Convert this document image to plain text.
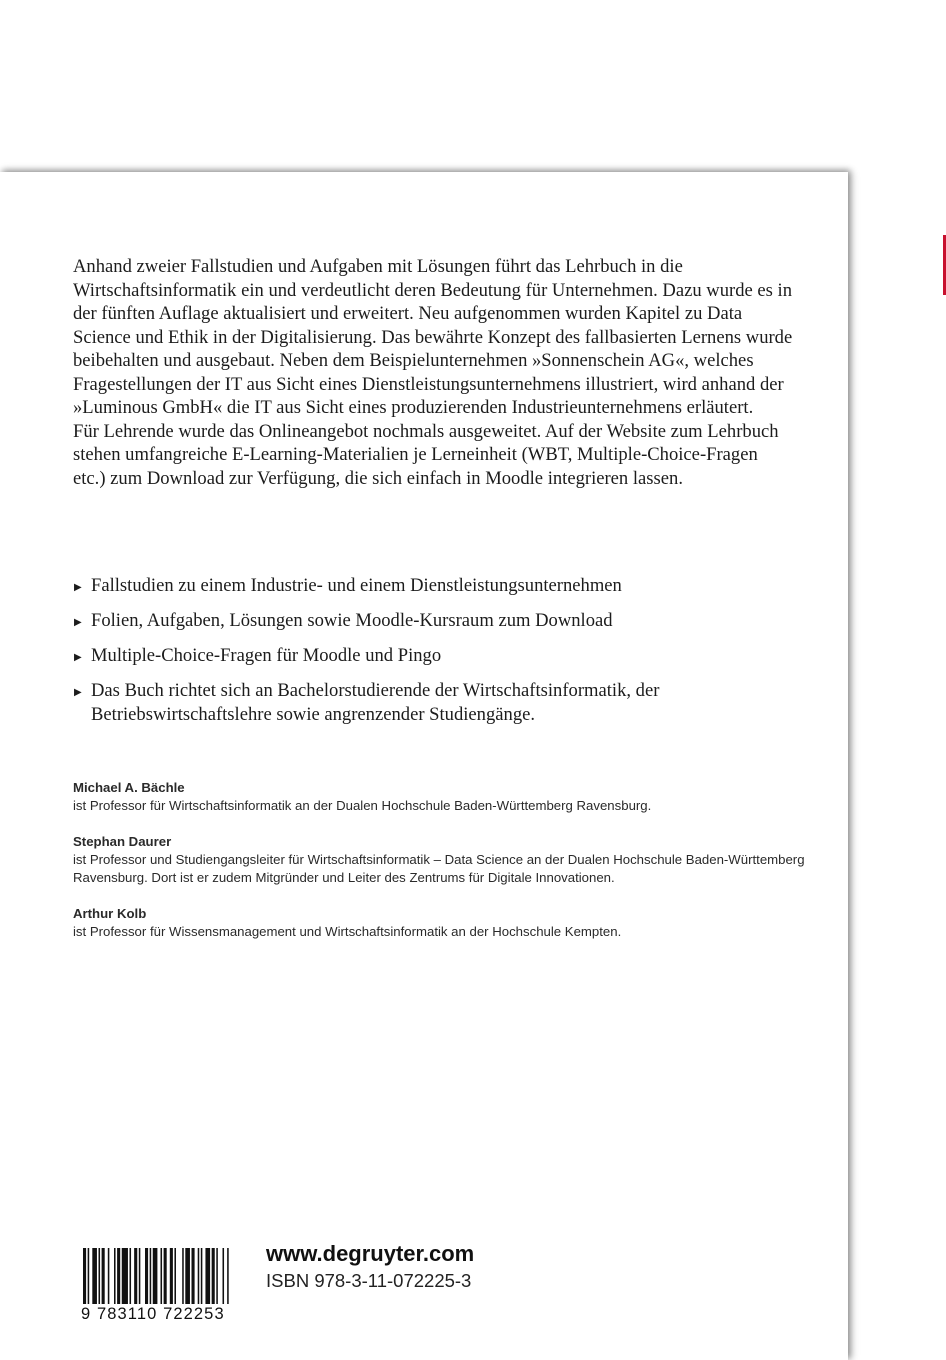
Anhand zweier Fallstudien und Aufgaben mit Lösungen führt das Lehrbuch in die Wirtschaftsinformatik ein und verdeutlicht deren Bedeutung für Unternehmen. Dazu wurde es in der fünften Auflage aktualisiert und erweitert. Neu aufgenommen wurden Kapitel zu Data Science und Ethik in der Digitalisierung. Das bewährte Konzept des fallbasierten Lernens wurde beibehalten und ausgebaut. Neben dem Beispielunternehmen »Sonnenschein AG«, welches Fragestellungen der IT aus Sicht eines Dienstleistungsunternehmens illustriert, wird anhand der »Luminous GmbH« die IT aus Sicht eines produzierenden Industrieunternehmens erläutert.

Für Lehrende wurde das Onlineangebot nochmals ausgeweitet. Auf der Website zum Lehrbuch stehen umfangreiche E-Learning-Materialien je Lerneinheit (WBT, Multiple-Choice-Fragen etc.) zum Download zur Verfügung, die sich einfach in Moodle integrieren lassen.

▶ Fallstudien zu einem Industrie- und einem Dienstleistungsunternehmen
▶ Folien, Aufgaben, Lösungen sowie Moodle-Kursraum zum Download
▶ Multiple-Choice-Fragen für Moodle und Pingo
▶ Das Buch richtet sich an Bachelorstudierende der Wirtschaftsinformatik, der Betriebswirtschaftslehre sowie angrenzender Studiengänge.
Michael A. Bächle
ist Professor für Wirtschaftsinformatik an der Dualen Hochschule Baden-Württemberg Ravensburg.
Stephan Daurer
ist Professor und Studiengangsleiter für Wirtschaftsinformatik – Data Science an der Dualen Hochschule Baden-Württemberg Ravensburg. Dort ist er zudem Mitgründer und Leiter des Zentrums für Digitale Innovationen.
Arthur Kolb
ist Professor für Wissensmanagement und Wirtschaftsinformatik an der Hochschule Kempten.
9 783110 722253
www.degruyter.com
ISBN 978-3-11-072225-3
